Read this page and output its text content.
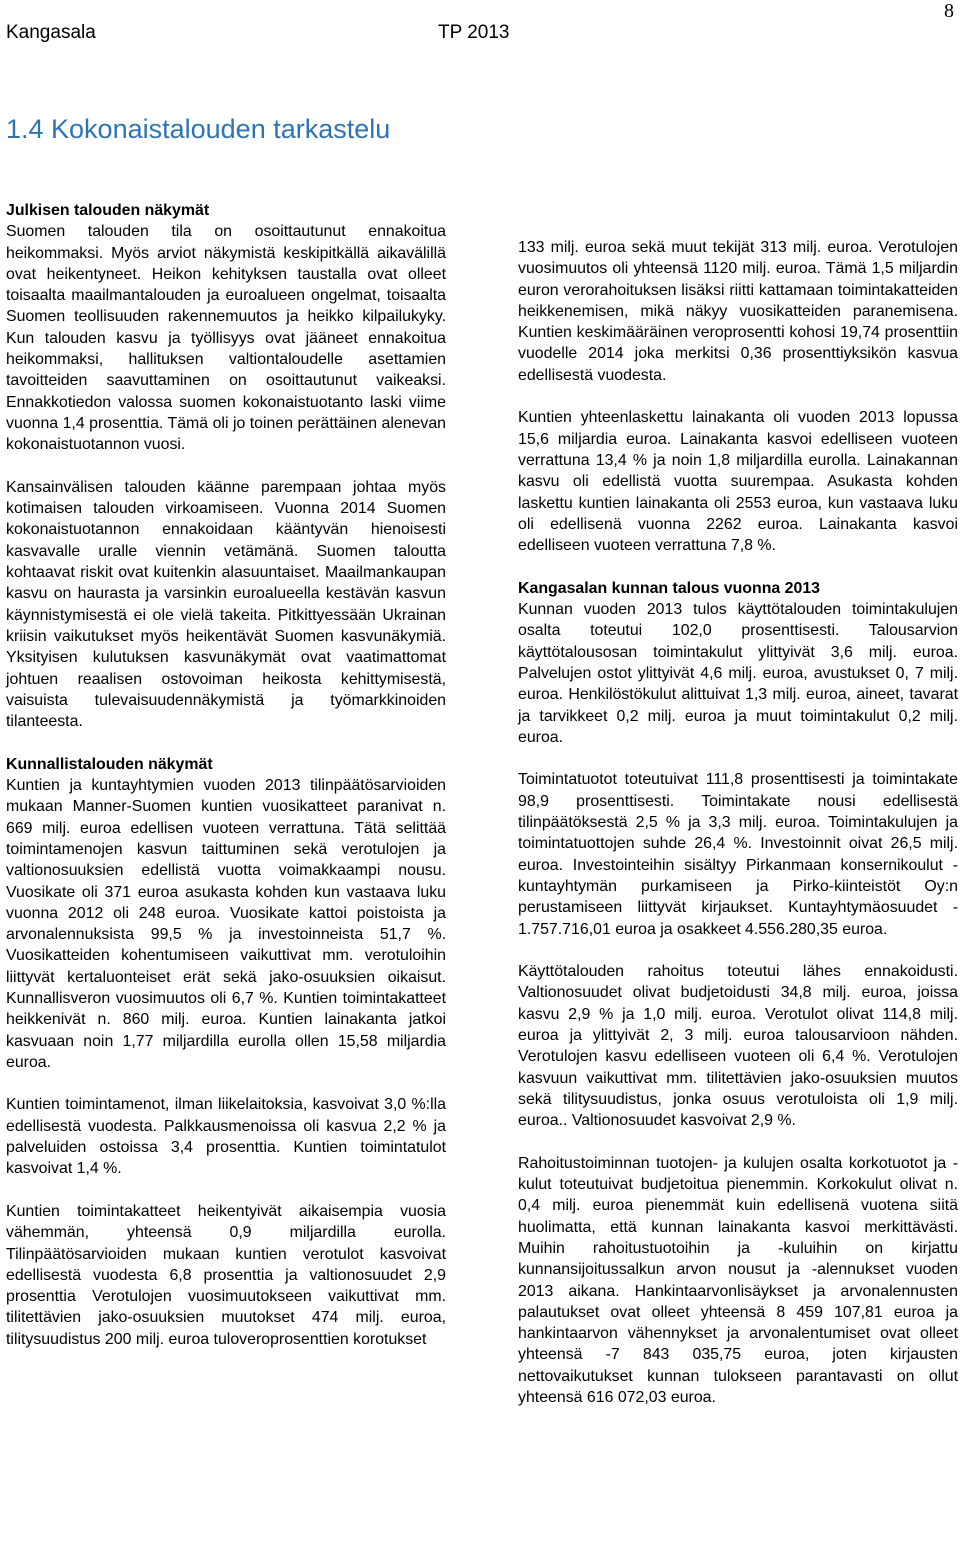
Kangasala	TP 2013
8
1.4 Kokonaistalouden tarkastelu
Julkisen talouden näkymät

Suomen talouden tila on osoittautunut ennakoitua heikommaksi. Myös arviot näkymistä keskipitkällä aikavälillä ovat heikentyneet. Heikon kehityksen taustalla ovat olleet toisaalta maailmantalouden ja euroalueen ongelmat, toisaalta Suomen teollisuuden rakennemuutos ja heikko kilpailukyky. Kun talouden kasvu ja työllisyys ovat jääneet ennakoitua heikommaksi, hallituksen valtiontaloudelle asettamien tavoitteiden saavuttaminen on osoittautunut vaikeaksi. Ennakkotiedon valossa suomen kokonaistuotanto laski viime vuonna 1,4 prosenttia. Tämä oli jo toinen perättäinen alenevan kokonaistuotannon vuosi.

Kansainvälisen talouden käänne parempaan johtaa myös kotimaisen talouden virkoamiseen. Vuonna 2014 Suomen kokonaistuotannon ennakoidaan kääntyvän hienoisesti kasvavalle uralle viennin vetämänä. Suomen taloutta kohtaavat riskit ovat kuitenkin alasuuntaiset. Maailmankaupan kasvu on haurasta ja varsinkin euroalueella kestävän kasvun käynnistymisestä ei ole vielä takeita. Pitkittyessään Ukrainan kriisin vaikutukset myös heikentävät Suomen kasvunäkymiä. Yksityisen kulutuksen kasvunäkymät ovat vaatimattomat johtuen reaalisen ostovoiman heikosta kehittymisestä, vaisuista tulevaisuudennäkymistä ja työmarkkinoiden tilanteesta.

Kunnallistalouden näkymät

Kuntien ja kuntayhtymien vuoden 2013 tilinpäätösarvioiden mukaan Manner-Suomen kuntien vuosikatteet paranivat n. 669 milj. euroa edellisen vuoteen verrattuna. Tätä selittää toimintamenojen kasvun taittuminen sekä verotulojen ja valtionosuuksien edellistä vuotta voimakkaampi nousu. Vuosikate oli 371 euroa asukasta kohden kun vastaava luku vuonna 2012 oli 248 euroa. Vuosikate kattoi poistoista ja arvonalennuksista 99,5 % ja investoinneista 51,7 %. Vuosikatteiden kohentumiseen vaikuttivat mm. verotuloihin liittyvät kertaluonteiset erät sekä jako-osuuksien oikaisut. Kunnallisveron vuosimuutos oli 6,7 %. Kuntien toimintakatteet heikkenivät n. 860 milj. euroa. Kuntien lainakanta jatkoi kasvuaan noin 1,77 miljardilla eurolla ollen 15,58 miljardia euroa.

Kuntien toimintamenot, ilman liikelaitoksia, kasvoivat 3,0 %:lla edellisestä vuodesta. Palkkausmenoissa oli kasvua 2,2 % ja palveluiden ostoissa 3,4 prosenttia. Kuntien toimintatulot kasvoivat 1,4 %.

Kuntien toimintakatteet heikentyivät aikaisempia vuosia vähemmän, yhteensä 0,9 miljardilla eurolla. Tilinpäätösarvioiden mukaan kuntien verotulot kasvoivat edellisestä vuodesta 6,8 prosenttia ja valtionosuudet 2,9 prosenttia Verotulojen vuosimuutokseen vaikuttivat mm. tilitettävien jako-osuuksien muutokset 474 milj. euroa, tilitysuudistus 200 milj. euroa tuloveroprosenttien korotukset

133 milj. euroa sekä muut tekijät 313 milj. euroa. Verotulojen vuosimuutos oli yhteensä 1120 milj. euroa. Tämä 1,5 miljardin euron verorahoituksen lisäksi riitti kattamaan toimintakatteiden heikkenemisen, mikä näkyy vuosikatteiden paranemisena. Kuntien keskimääräinen veroprosentti kohosi 19,74 prosenttiin vuodelle 2014 joka merkitsi 0,36 prosenttiyksikön kasvua edellisestä vuodesta.

Kuntien yhteenlaskettu lainakanta oli vuoden 2013 lopussa 15,6 miljardia euroa. Lainakanta kasvoi edelliseen vuoteen verrattuna 13,4 % ja noin 1,8 miljardilla eurolla. Lainakannan kasvu oli edellistä vuotta suurempaa. Asukasta kohden laskettu kuntien lainakanta oli 2553 euroa, kun vastaava luku oli edellisenä vuonna 2262 euroa. Lainakanta kasvoi edelliseen vuoteen verrattuna 7,8 %.

Kangasalan kunnan talous vuonna 2013

Kunnan vuoden 2013 tulos käyttötalouden toimintakulujen osalta toteutui 102,0 prosenttisesti. Talousarvion käyttötalousosan toimintakulut ylittyivät 3,6 milj. euroa. Palvelujen ostot ylittyivät 4,6 milj. euroa, avustukset 0, 7 milj. euroa. Henkilöstökulut alittuivat 1,3 milj. euroa, aineet, tavarat ja tarvikkeet 0,2 milj. euroa ja muut toimintakulut 0,2 milj. euroa.

Toimintatuotot toteutuivat 111,8 prosenttisesti ja toimintakate 98,9 prosenttisesti. Toimintakate nousi edellisestä tilinpäätöksestä 2,5 % ja 3,3 milj. euroa. Toimintakulujen ja toimintatuottojen suhde 26,4 %. Investoinnit oivat 26,5 milj. euroa. Investointeihin sisältyy Pirkanmaan konsernikoulut -kuntayhtymän purkamiseen ja Pirko-kiinteistöt Oy:n perustamiseen liittyvät kirjaukset. Kuntayhtymäosuudet - 1.757.716,01 euroa ja osakkeet 4.556.280,35 euroa.

Käyttötalouden rahoitus toteutui lähes ennakoidusti. Valtionosuudet olivat budjetoidusti 34,8 milj. euroa, joissa kasvu 2,9 % ja 1,0 milj. euroa. Verotulot olivat 114,8 milj. euroa ja ylittyivät 2, 3 milj. euroa talousarvioon nähden. Verotulojen kasvu edelliseen vuoteen oli 6,4 %. Verotulojen kasvuun vaikuttivat mm. tilitettävien jako-osuuksien muutos sekä tilitysuudistus, jonka osuus verotuloista oli 1,9 milj. euroa.. Valtionosuudet kasvoivat 2,9 %.

Rahoitustoiminnan tuotojen- ja kulujen osalta korkotuotot ja -kulut toteutuivat budjetoitua pienemmin. Korkokulut olivat n. 0,4 milj. euroa pienemmät kuin edellisenä vuotena siitä huolimatta, että kunnan lainakanta kasvoi merkittävästi. Muihin rahoitustuotoihin ja -kuluihin on kirjattu kunnansijoitussalkun arvon nousut ja -alennukset vuoden 2013 aikana. Hankintaarvonlisäykset ja arvonalennusten palautukset ovat olleet yhteensä 8 459 107,81 euroa ja hankintaarvon vähennykset ja arvonalentumiset ovat olleet yhteensä -7 843 035,75 euroa, joten kirjausten nettovaikutukset kunnan tulokseen parantavasti on ollut yhteensä 616 072,03 euroa.
